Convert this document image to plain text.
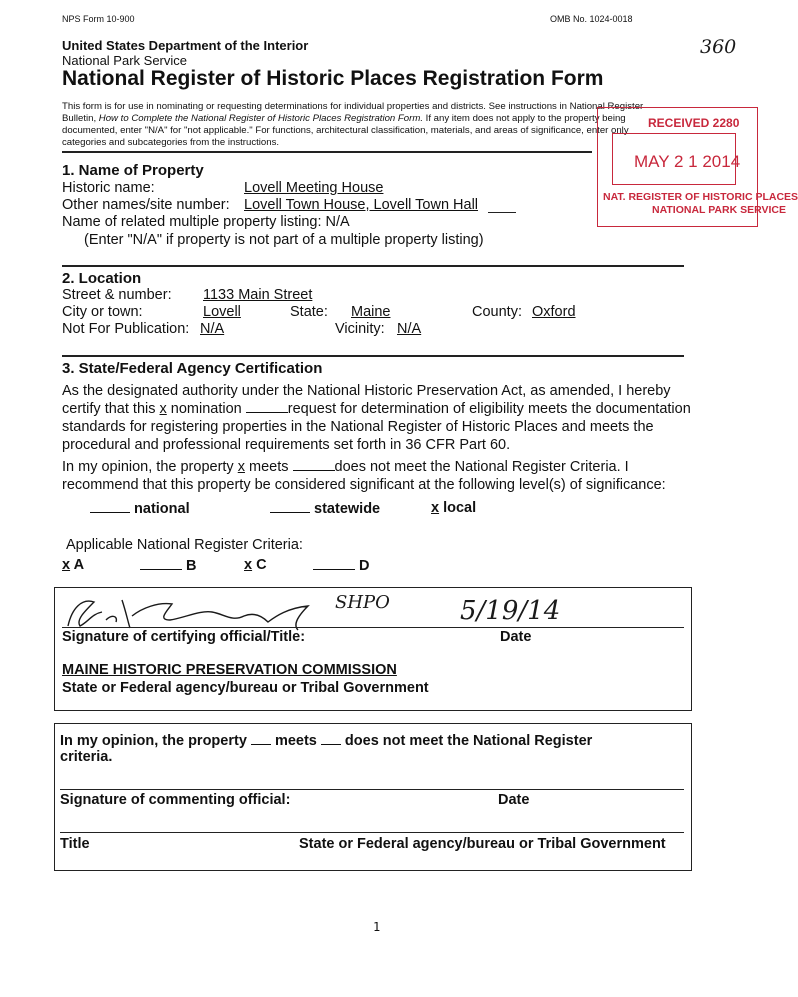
NPS Form 10-900	OMB No. 1024-0018
360
United States Department of the Interior
National Park Service
National Register of Historic Places Registration Form
This form is for use in nominating or requesting determinations for individual properties and districts. See instructions in National Register
Bulletin, How to Complete the National Register of Historic Places Registration Form. If any item does not apply to the property being
documented, enter "N/A" for "not applicable." For functions, architectural classification, materials, and areas of significance, enter only
categories and subcategories from the instructions.
RECEIVED 2280
MAY 2 1 2014
NAT. REGISTER OF HISTORIC PLACES
NATIONAL PARK SERVICE
1. Name of Property
Historic name:	Lovell Meeting House
Other names/site number: Lovell Town House, Lovell Town Hall
Name of related multiple property listing: N/A
(Enter "N/A" if property is not part of a multiple property listing)
2. Location
Street & number: 1133 Main Street
City or town:	Lovell	State: Maine	County: Oxford
Not For Publication: N/A	Vicinity: N/A
3. State/Federal Agency Certification
As the designated authority under the National Historic Preservation Act, as amended, I hereby certify that this x nomination	request for determination of eligibility meets the documentation standards for registering properties in the National Register of Historic Places and meets the procedural and professional requirements set forth in 36 CFR Part 60.
In my opinion, the property x meets	does not meet the National Register Criteria. I recommend that this property be considered significant at the following level(s) of significance:
national	statewide	x local
Applicable National Register Criteria:
x A	B	x C	D
SHPO	5/19/14
Signature of certifying official/Title:	Date
MAINE HISTORIC PRESERVATION COMMISSION
State or Federal agency/bureau or Tribal Government
In my opinion, the property  meets  does not meet the National Register
criteria.
Signature of commenting official:	Date
Title	State or Federal agency/bureau or Tribal Government
1
